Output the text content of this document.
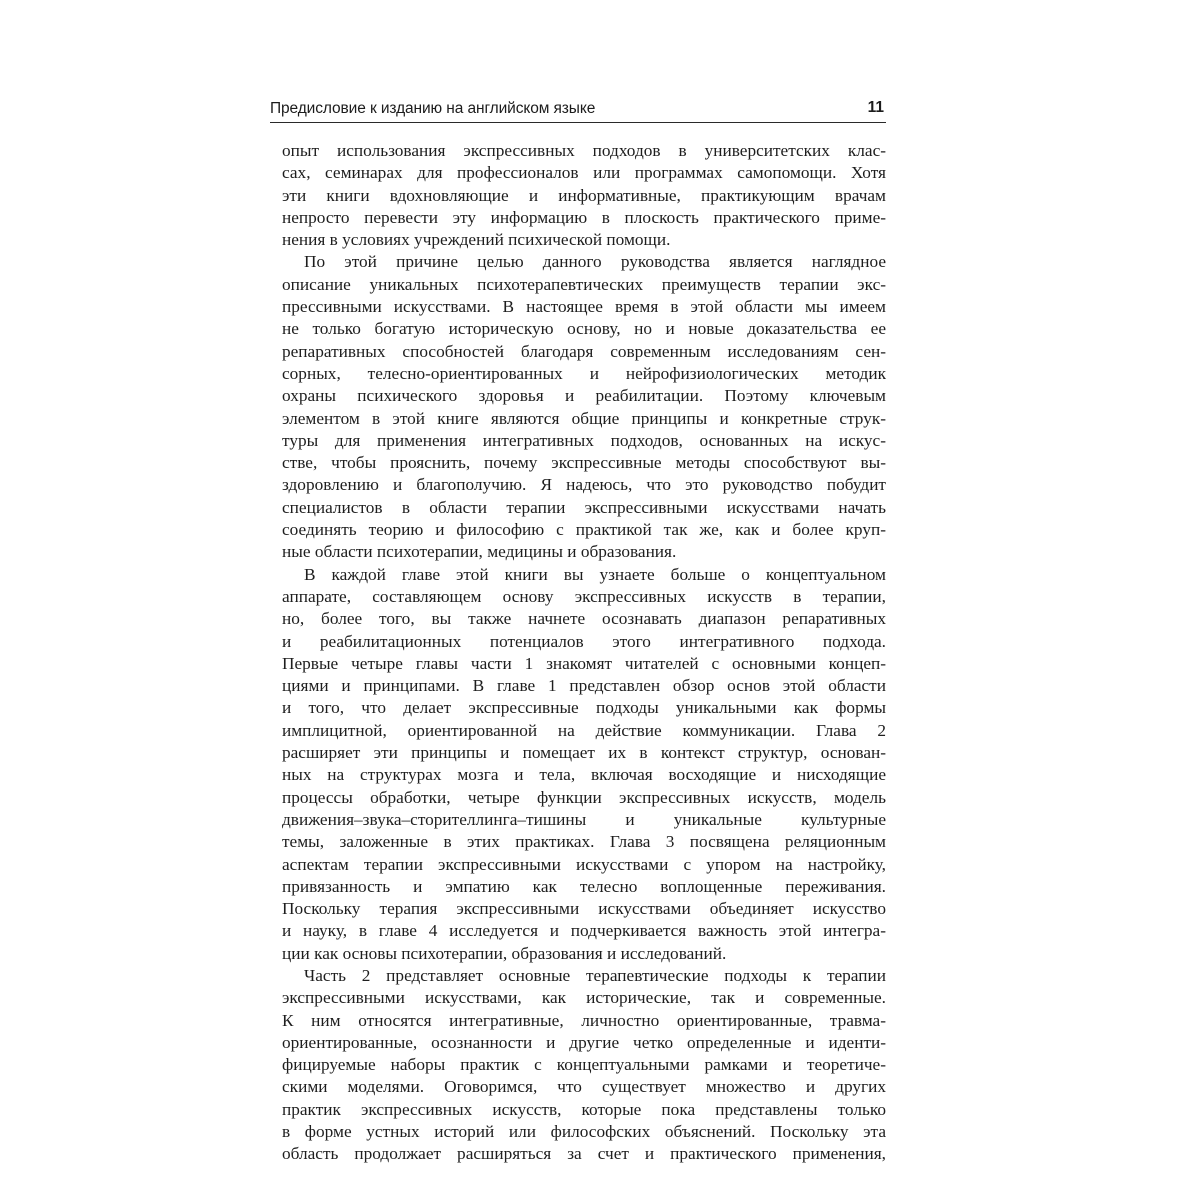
Предисловие к изданию на английском языке	11
опыт использования экспрессивных подходов в университетских клас-
сах, семинарах для профессионалов или программах самопомощи. Хотя
эти книги вдохновляющие и информативные, практикующим врачам
непросто перевести эту информацию в плоскость практического приме-
нения в условиях учреждений психической помощи.
По этой причине целью данного руководства является наглядное
описание уникальных психотерапевтических преимуществ терапии экс-
прессивными искусствами. В настоящее время в этой области мы имеем
не только богатую историческую основу, но и новые доказательства ее
репаративных способностей благодаря современным исследованиям сен-
сорных, телесно-ориентированных и нейрофизиологических методик
охраны психического здоровья и реабилитации. Поэтому ключевым
элементом в этой книге являются общие принципы и конкретные струк-
туры для применения интегративных подходов, основанных на искус-
стве, чтобы прояснить, почему экспрессивные методы способствуют вы-
здоровлению и благополучию. Я надеюсь, что это руководство побудит
специалистов в области терапии экспрессивными искусствами начать
соединять теорию и философию с практикой так же, как и более круп-
ные области психотерапии, медицины и образования.
В каждой главе этой книги вы узнаете больше о концептуальном
аппарате, составляющем основу экспрессивных искусств в терапии,
но, более того, вы также начнете осознавать диапазон репаративных
и реабилитационных потенциалов этого интегративного подхода.
Первые четыре главы части 1 знакомят читателей с основными концеп-
циями и принципами. В главе 1 представлен обзор основ этой области
и того, что делает экспрессивные подходы уникальными как формы
имплицитной, ориентированной на действие коммуникации. Глава 2
расширяет эти принципы и помещает их в контекст структур, основан-
ных на структурах мозга и тела, включая восходящие и нисходящие
процессы обработки, четыре функции экспрессивных искусств, модель
движения–звука–сторителлинга–тишины и уникальные культурные
темы, заложенные в этих практиках. Глава 3 посвящена реляционным
аспектам терапии экспрессивными искусствами с упором на настройку,
привязанность и эмпатию как телесно воплощенные переживания.
Поскольку терапия экспрессивными искусствами объединяет искусство
и науку, в главе 4 исследуется и подчеркивается важность этой интегра-
ции как основы психотерапии, образования и исследований.
Часть 2 представляет основные терапевтические подходы к терапии
экспрессивными искусствами, как исторические, так и современные.
К ним относятся интегративные, личностно ориентированные, травма-
ориентированные, осознанности и другие четко определенные и иденти-
фицируемые наборы практик с концептуальными рамками и теоретиче-
скими моделями. Оговоримся, что существует множество и других
практик экспрессивных искусств, которые пока представлены только
в форме устных историй или философских объяснений. Поскольку эта
область продолжает расширяться за счет и практического применения,
